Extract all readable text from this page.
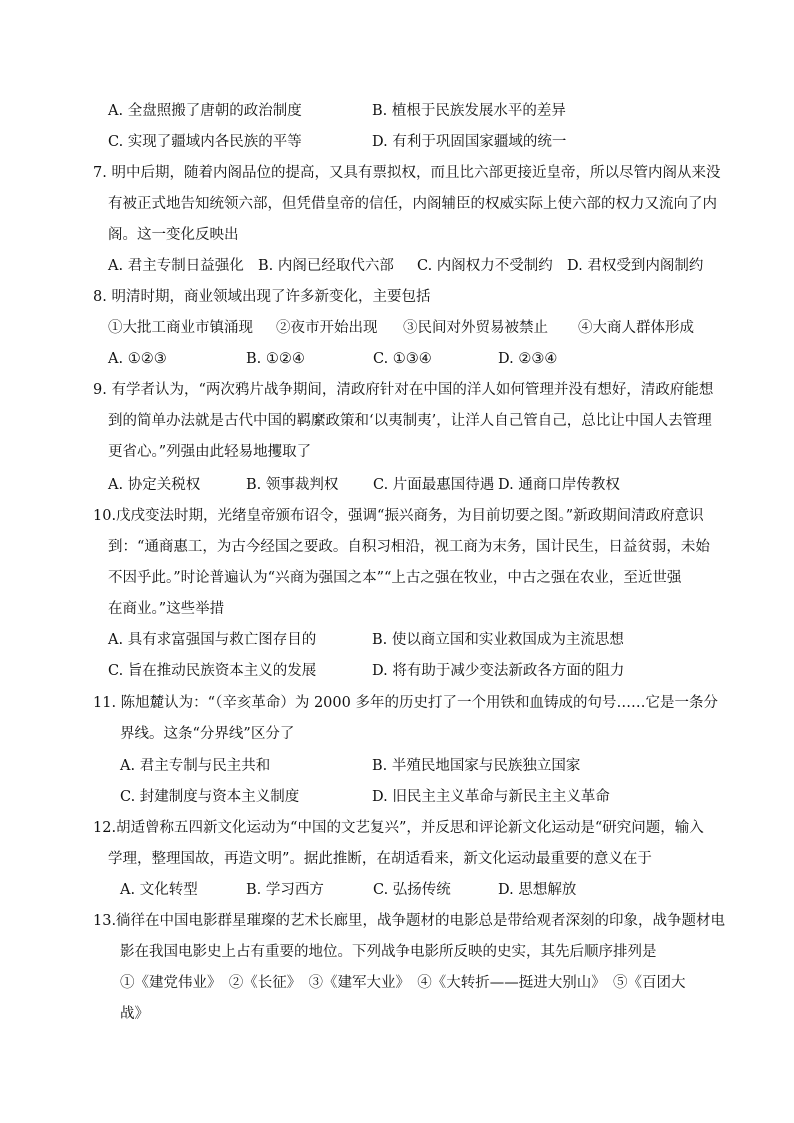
A. 全盘照搬了唐朝的政治制度	B. 植根于民族发展水平的差异
C. 实现了疆域内各民族的平等	D. 有利于巩固国家疆域的统一
7. 明中后期，随着内阁品位的提高，又具有票拟权，而且比六部更接近皇帝，所以尽管内阁从来没
有被正式地告知统领六部，但凭借皇帝的信任，内阁辅臣的权威实际上使六部的权力又流向了内
阁。这一变化反映出
A. 君主专制日益强化 B. 内阁已经取代六部 C. 内阁权力不受制约 D. 君权受到内阁制约
8. 明清时期，商业领域出现了许多新变化，主要包括
①大批工商业市镇涌现 ②夜市开始出现 ③民间对外贸易被禁止 ④大商人群体形成
A. ①②③	B. ①②④	C. ①③④	D. ②③④
9. 有学者认为，“两次鸦片战争期间，清政府针对在中国的洋人如何管理并没有想好，清政府能想
到的简单办法就是古代中国的羁縻政策和‘以夷制夷’，让洋人自己管自己，总比让中国人去管理
更省心。”列强由此轻易地攫取了
A. 协定关税权	B. 领事裁判权 C. 片面最惠国待遇 D. 通商口岸传教权
10.戊戌变法时期，光绪皇帝颁布诏令，强调“振兴商务，为目前切要之图。”新政期间清政府意识
到：“通商惠工，为古今经国之要政。自积习相沿，视工商为末务，国计民生，日益贫弱，未始
不因乎此。”时论普遍认为“兴商为强国之本”“上古之强在牧业，中古之强在农业，至近世强
在商业。”这些举措
A. 具有求富强国与救亡图存目的	B. 使以商立国和实业救国成为主流思想
C. 旨在推动民族资本主义的发展	D. 将有助于减少变法新政各方面的阻力
11. 陈旭麓认为：“（辛亥革命）为 2000 多年的历史打了一个用铁和血铸成的句号……它是一条分
界线。这条“分界线”区分了
A. 君主专制与民主共和	B. 半殖民地国家与民族独立国家
C. 封建制度与资本主义制度	D. 旧民主主义革命与新民主主义革命
12.胡适曾称五四新文化运动为“中国的文艺复兴”，并反思和评论新文化运动是“研究问题，输入
学理，整理国故，再造文明”。据此推断，在胡适看来，新文化运动最重要的意义在于
A. 文化转型	B. 学习西方	C. 弘扬传统	D. 思想解放
13.徜徉在中国电影群星璀璨的艺术长廊里，战争题材的电影总是带给观者深刻的印象，战争题材电
影在我国电影史上占有重要的地位。下列战争电影所反映的史实，其先后顺序排列是
①《建党伟业》　②《长征》　③《建军大业》　④《大转折——挺进大别山》　⑤《百团大
战》
